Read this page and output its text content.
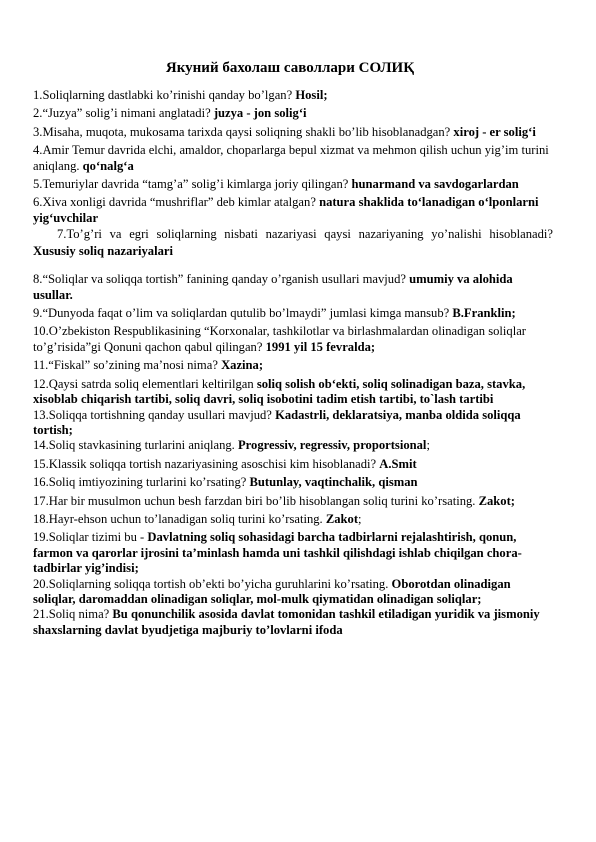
Якуний бахолаш саволлари СОЛИҚ

1.Soliqlarning dastlabki ko’rinishi qanday bo’lgan? Hosil;

2.“Juzya” solig’i nimani anglatadi? juzya - jon solig‘i

3.Misaha, muqota, mukosama tarixda qaysi soliqning shakli bo’lib hisoblanadgan? xiroj - er solig‘i

4.Amir Temur davrida elchi, amaldor, choparlarga bepul xizmat va mehmon qilish uchun yig’im turini aniqlang. qo‘nalg‘a

5.Temuriylar davrida “tamg’a” solig’i kimlarga joriy qilingan? hunarmand va savdogarlardan

6.Xiva xonligi davrida “mushriflar” deb kimlar atalgan? natura shaklida to‘lanadigan o‘lponlarni yig‘uvchilar

7.To’g’ri va egri soliqlarning nisbati nazariyasi qaysi nazariyaning yo’nalishi hisoblanadi? Xususiy soliq nazariyalari

8.“Soliqlar va soliqqa tortish” fanining qanday o’rganish usullari mavjud? umumiy va alohida usullar.

9.“Dunyoda faqat o’lim va soliqlardan qutulib bo’lmaydi” jumlasi kimga mansub? B.Franklin;

10.O’zbekiston Respublikasining “Korxonalar, tashkilotlar va birlashmalardan olinadigan soliqlar to’g’risida”gi Qonuni qachon qabul qilingan? 1991 yil 15 fevralda;

11.“Fiskal” so’zining ma’nosi nima? Xazina;

12.Qaysi satrda soliq elementlari keltirilgan soliq solish ob‘ekti, soliq solinadigan baza, stavka, xisoblab chiqarish tartibi, soliq davri, soliq isobotini tadim etish tartibi, to`lash tartibi

13.Soliqqa tortishning qanday usullari mavjud? Kadastrli, deklaratsiya, manba oldida soliqqa tortish;

14.Soliq stavkasining turlarini aniqlang. Progressiv, regressiv, proportsional;

15.Klassik soliqqa tortish nazariyasining asoschisi kim hisoblanadi? A.Smit

16.Soliq imtiyozining turlarini ko’rsating? Butunlay, vaqtinchalik, qisman

17.Har bir musulmon uchun besh farzdan biri bo’lib hisoblangan soliq turini ko’rsating. Zakot;

18.Hayr-ehson uchun to’lanadigan soliq turini ko’rsating. Zakot;

19.Soliqlar tizimi bu - Davlatning soliq sohasidagi barcha tadbirlarni rejalashtirish, qonun, farmon va qarorlar ijrosini ta’minlash hamda uni tashkil qilishdagi ishlab chiqilgan chora-tadbirlar yig’indisi;

20.Soliqlarning soliqqa tortish ob’ekti bo’yicha guruhlarini ko’rsating. Oborotdan olinadigan soliqlar, daromaddan olinadigan soliqlar, mol-mulk qiymatidan olinadigan soliqlar;

21.Soliq nima? Bu qonunchilik asosida davlat tomonidan tashkil etiladigan yuridik va jismoniy shaxslarning davlat byudjetiga majburiy to’lovlarni ifoda
